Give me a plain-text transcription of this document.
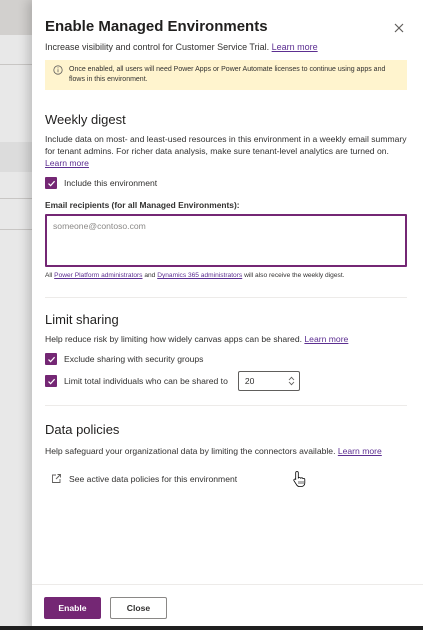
Enable Managed Environments
Increase visibility and control for Customer Service Trial. Learn more
Once enabled, all users will need Power Apps or Power Automate licenses to continue using apps and flows in this environment.
Weekly digest
Include data on most- and least-used resources in this environment in a weekly email summary for tenant admins. For richer data analysis, make sure tenant-level analytics are turned on. Learn more
Include this environment
Email recipients (for all Managed Environments):
someone@contoso.com
All Power Platform administrators and Dynamics 365 administrators will also receive the weekly digest.
Limit sharing
Help reduce risk by limiting how widely canvas apps can be shared. Learn more
Exclude sharing with security groups
Limit total individuals who can be shared to 20
Data policies
Help safeguard your organizational data by limiting the connectors available. Learn more
See active data policies for this environment
Enable	Close
